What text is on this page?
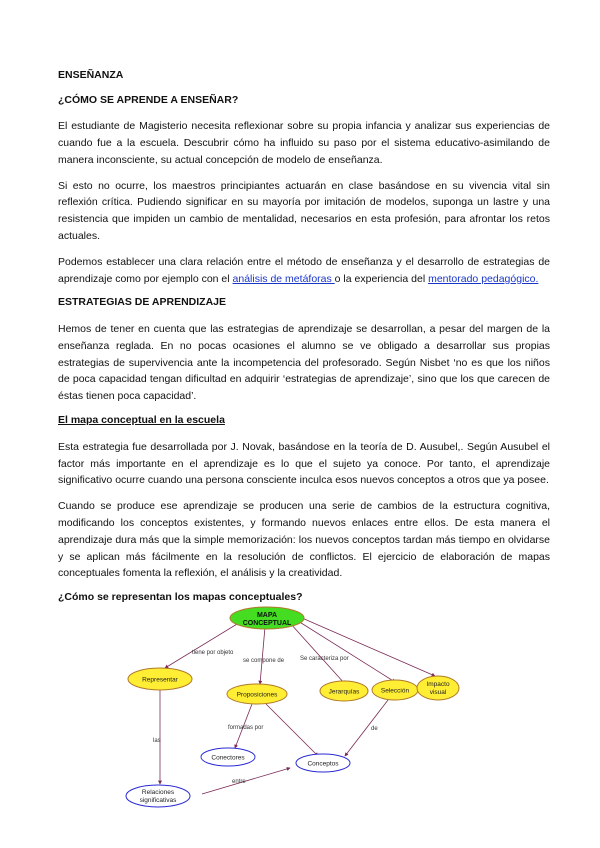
ENSEÑANZA
¿CÓMO SE APRENDE A ENSEÑAR?

El estudiante de Magisterio necesita reflexionar sobre su propia infancia y analizar sus experiencias de cuando fue a la escuela. Descubrir cómo ha influido su paso por el sistema educativo-asimilando de manera inconsciente, su actual concepción de modelo de enseñanza.

Si esto no ocurre, los maestros principiantes actuarán en clase basándose en su vivencia vital sin reflexión crítica. Pudiendo significar en su mayoría por imitación de modelos, suponga un lastre y una resistencia que impiden un cambio de mentalidad, necesarios en esta profesión, para afrontar los retos actuales.

Podemos establecer una clara relación entre el método de enseñanza y el desarrollo de estrategias de aprendizaje como por ejemplo con el análisis de metáforas o la experiencia del mentorado pedagógico.

ESTRATEGIAS DE APRENDIZAJE

Hemos de tener en cuenta que las estrategias de aprendizaje se desarrollan, a pesar del margen de la enseñanza reglada. En no pocas ocasiones el alumno se ve obligado a desarrollar sus propias estrategias de supervivencia ante la incompetencia del profesorado. Según Nisbet ‘no es que los niños de poca capacidad tengan dificultad en adquirir ‘estrategias de aprendizaje’, sino que los que carecen de éstas tienen poca capacidad’.

El mapa conceptual en la escuela

Esta estrategia fue desarrollada por J. Novak, basándose en la teoría de D. Ausubel,. Según Ausubel el factor más importante en el aprendizaje es lo que el sujeto ya conoce. Por tanto, el aprendizaje significativo ocurre cuando una persona consciente inculca esos nuevos conceptos a otros que ya posee.

Cuando se produce ese aprendizaje se producen una serie de cambios de la estructura cognitiva, modificando los conceptos existentes, y formando nuevos enlaces entre ellos. De esta manera el aprendizaje dura más que la simple memorización: los nuevos conceptos tardan más tiempo en olvidarse y se aplican más fácilmente en la resolución de conflictos. El ejercicio de elaboración de mapas conceptuales fomenta la reflexión, el análisis y la creatividad.

¿Cómo se representan los mapas conceptuales?
tiene por objeto
se compone de	Se caracteriza por
formadas por
las
de
entre
MAPA
CONCEPTUAL
Representar
Proposiciones	Jerarquías	Selección
Impacto
visual
Conectores
Conceptos
Relaciones
significativas
